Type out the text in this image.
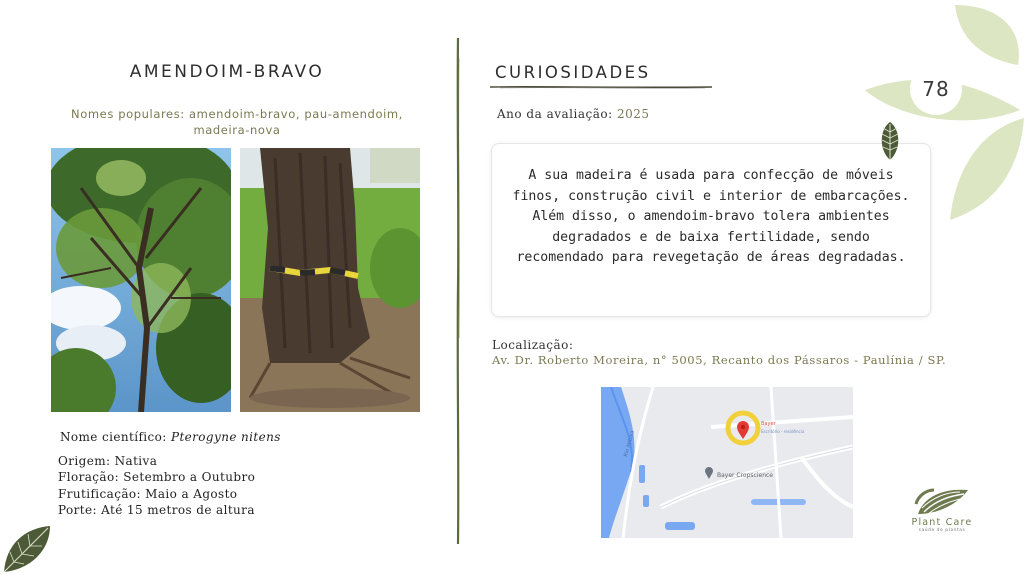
AMENDOIM-BRAVO
Nomes populares: amendoim-bravo, pau-amendoim, madeira-nova
Nome científico: Pterogyne nitens
Origem: Nativa
Floração: Setembro a Outubro
Frutificação: Maio a Agosto
Porte: Até 15 metros de altura
CURIOSIDADES
Ano da avaliação: 2025
A sua madeira é usada para confecção de móveis finos, construção civil e interior de embarcações. Além disso, o amendoim-bravo tolera ambientes degradados e de baixa fertilidade, sendo recomendado para revegetação de áreas degradadas.
Localização:
Av. Dr. Roberto Moreira, n° 5005, Recanto dos Pássaros - Paulínia / SP.
Rio Atibaia
Bayer
Escritório - residência
Bayer Cropscience
78
Plant Care
saúde de plantas
